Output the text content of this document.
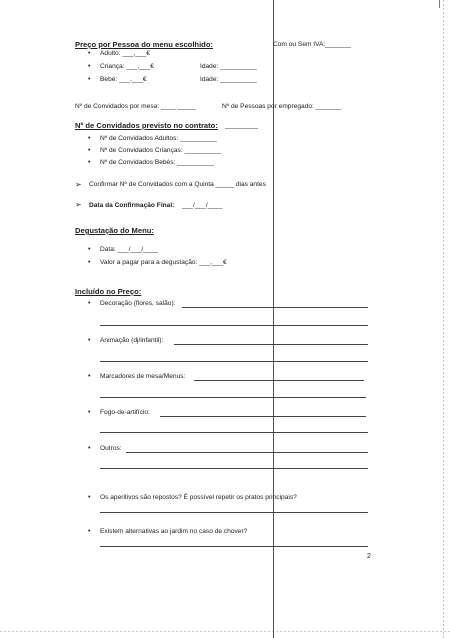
Preço por Pessoa do menu escolhido:	Com ou Sem IVA:_______
• Adulto: ___,___€
• Criança: ___,___€	Idade: __________
• Bebé: ___,___€	Idade: __________
Nº de Convidados por mesa: ____ _____	Nº de Pessoas por empregado: _______
Nº de Convidados previsto no contrato: _________
• Nº de Convidados Adultos: __________
• Nº de Convidados Crianças: __________
• Nº de Convidados Bebés: __________
➢ Confirmar Nº de Convidados com a Quinta _____ dias antes
➢ Data da Confirmação Final: ___/___/____
Degustação do Menu:
• Data: ___/___/____
• Valor a pagar para a degustação: ___,___€
Incluído no Preço:
• Decoração (flores, salão):
• Animação (dj/infantil):
• Marcadores de mesa/Menus:
• Fogo-de-artifício:
• Outros:
• Os aperitivos são repostos? É possível repetir os pratos principais?
• Existem alternativas ao jardim no caso de chover?
2
